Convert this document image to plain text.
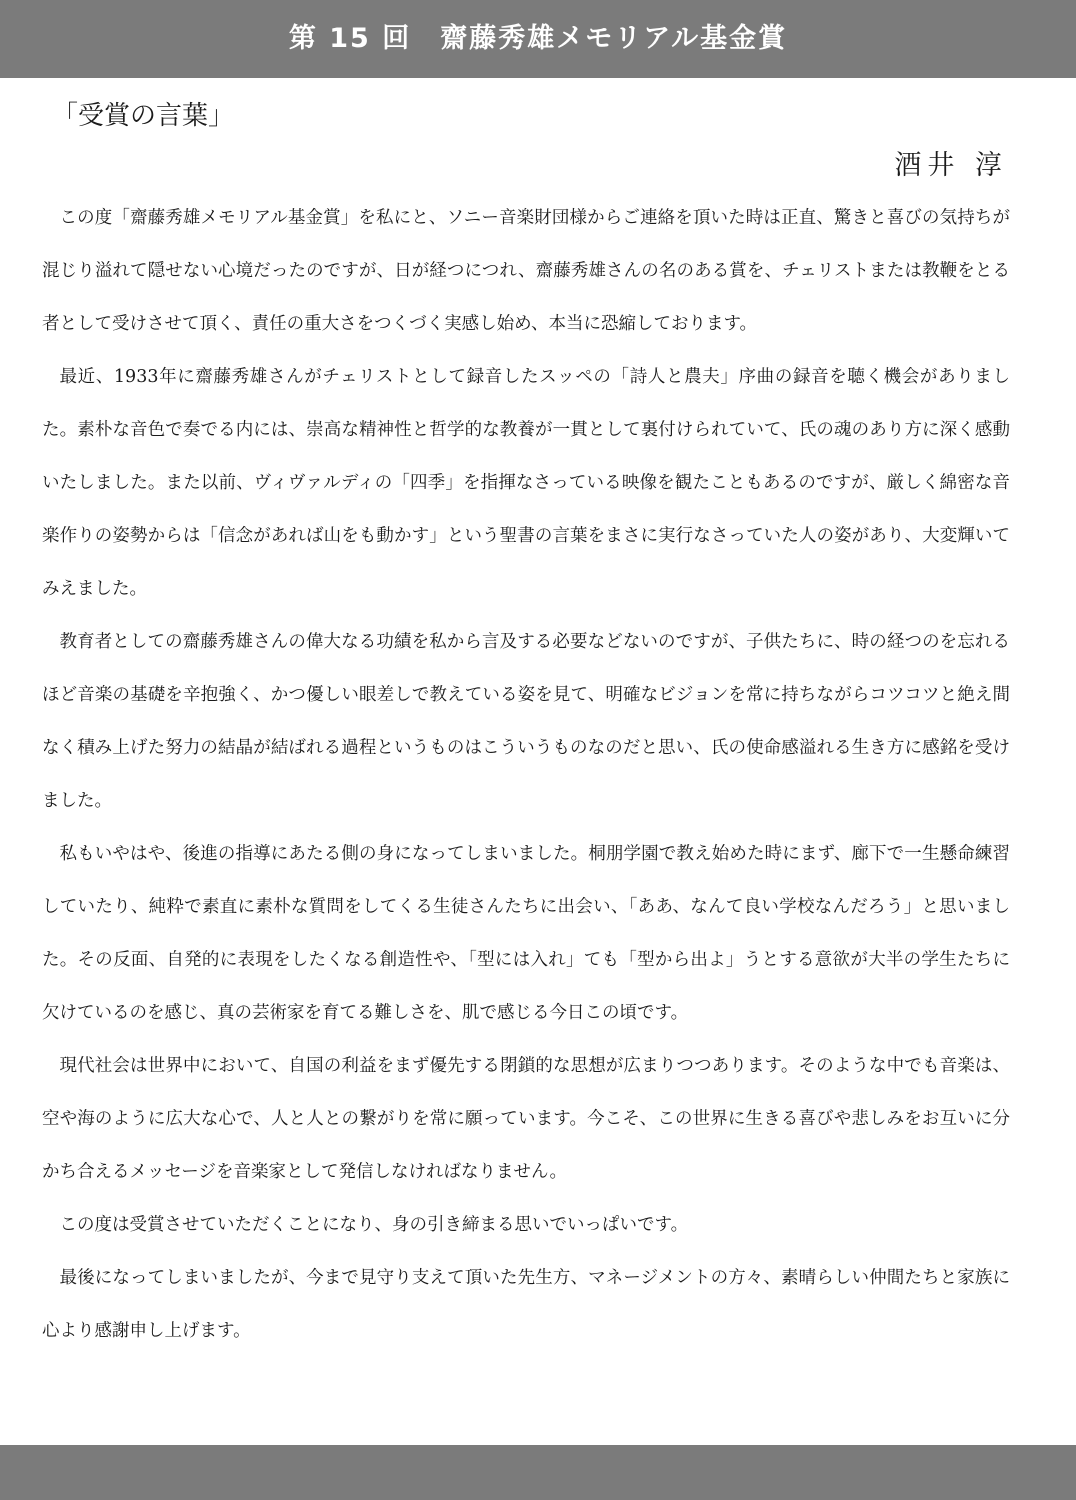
第 15 回　齋藤秀雄メモリアル基金賞
「受賞の言葉」
酒井 淳

この度「齋藤秀雄メモリアル基金賞」を私にと、ソニー音楽財団様からご連絡を頂いた時は正直、驚きと喜びの気持ちが混じり溢れて隠せない心境だったのですが、日が経つにつれ、齋藤秀雄さんの名のある賞を、チェリストまたは教鞭をとる者として受けさせて頂く、責任の重大さをつくづく実感し始め、本当に恐縮しております。

最近、1933年に齋藤秀雄さんがチェリストとして録音したスッペの「詩人と農夫」序曲の録音を聴く機会がありました。素朴な音色で奏でる内には、崇高な精神性と哲学的な教養が一貫として裏付けられていて、氏の魂のあり方に深く感動いたしました。また以前、ヴィヴァルディの「四季」を指揮なさっている映像を観たこともあるのですが、厳しく綿密な音楽作りの姿勢からは「信念があれば山をも動かす」という聖書の言葉をまさに実行なさっていた人の姿があり、大変輝いてみえました。

教育者としての齋藤秀雄さんの偉大なる功績を私から言及する必要などないのですが、子供たちに、時の経つのを忘れるほど音楽の基礎を辛抱強く、かつ優しい眼差しで教えている姿を見て、明確なビジョンを常に持ちながらコツコツと絶え間なく積み上げた努力の結晶が結ばれる過程というものはこういうものなのだと思い、氏の使命感溢れる生き方に感銘を受けました。

私もいやはや、後進の指導にあたる側の身になってしまいました。桐朋学園で教え始めた時にまず、廊下で一生懸命練習していたり、純粋で素直に素朴な質問をしてくる生徒さんたちに出会い、「ああ、なんて良い学校なんだろう」と思いました。その反面、自発的に表現をしたくなる創造性や、「型には入れ」ても「型から出よ」うとする意欲が大半の学生たちに欠けているのを感じ、真の芸術家を育てる難しさを、肌で感じる今日この頃です。

現代社会は世界中において、自国の利益をまず優先する閉鎖的な思想が広まりつつあります。そのような中でも音楽は、空や海のように広大な心で、人と人との繋がりを常に願っています。今こそ、この世界に生きる喜びや悲しみをお互いに分かち合えるメッセージを音楽家として発信しなければなりません。

この度は受賞させていただくことになり、身の引き締まる思いでいっぱいです。

最後になってしまいましたが、今まで見守り支えて頂いた先生方、マネージメントの方々、素晴らしい仲間たちと家族に心より感謝申し上げます。
